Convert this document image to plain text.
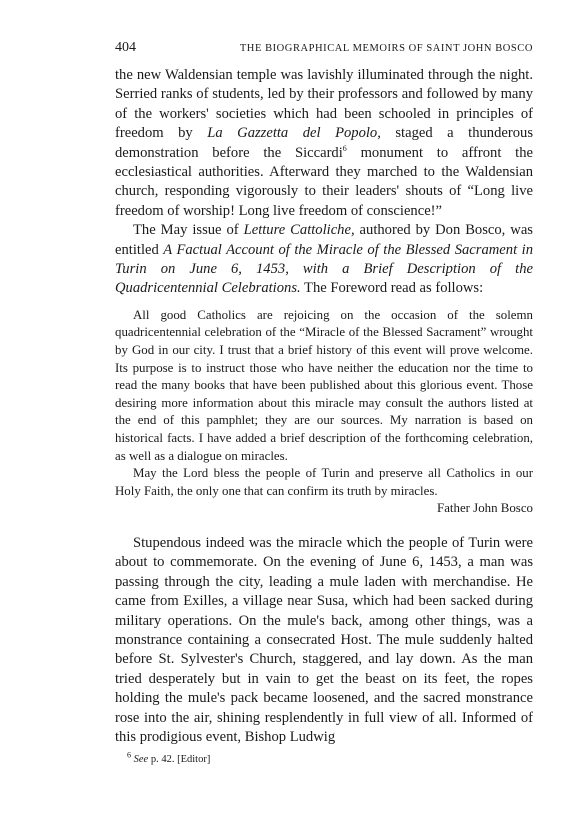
404	THE BIOGRAPHICAL MEMOIRS OF SAINT JOHN BOSCO

the new Waldensian temple was lavishly illuminated through the night. Serried ranks of students, led by their professors and followed by many of the workers' societies which had been schooled in principles of freedom by La Gazzetta del Popolo, staged a thunderous demonstration before the Siccardi$^6$ monument to affront the ecclesiastical authorities. Afterward they marched to the Waldensian church, responding vigorously to their leaders' shouts of “Long live freedom of worship! Long live freedom of conscience!”

The May issue of Letture Cattoliche, authored by Don Bosco, was entitled A Factual Account of the Miracle of the Blessed Sacrament in Turin on June 6, 1453, with a Brief Description of the Quadricentennial Celebrations. The Foreword read as follows:

All good Catholics are rejoicing on the occasion of the solemn quadricentennial celebration of the “Miracle of the Blessed Sacrament” wrought by God in our city. I trust that a brief history of this event will prove welcome. Its purpose is to instruct those who have neither the education nor the time to read the many books that have been published about this glorious event. Those desiring more information about this miracle may consult the authors listed at the end of this pamphlet; they are our sources. My narration is based on historical facts. I have added a brief description of the forthcoming celebration, as well as a dialogue on miracles.

May the Lord bless the people of Turin and preserve all Catholics in our Holy Faith, the only one that can confirm its truth by miracles.

Father John Bosco

Stupendous indeed was the miracle which the people of Turin were about to commemorate. On the evening of June 6, 1453, a man was passing through the city, leading a mule laden with merchandise. He came from Exilles, a village near Susa, which had been sacked during military operations. On the mule's back, among other things, was a monstrance containing a consecrated Host. The mule suddenly halted before St. Sylvester's Church, staggered, and lay down. As the man tried desperately but in vain to get the beast on its feet, the ropes holding the mule's pack became loosened, and the sacred monstrance rose into the air, shining resplendently in full view of all. Informed of this prodigious event, Bishop Ludwig

$^6$ See p. 42. [Editor]
